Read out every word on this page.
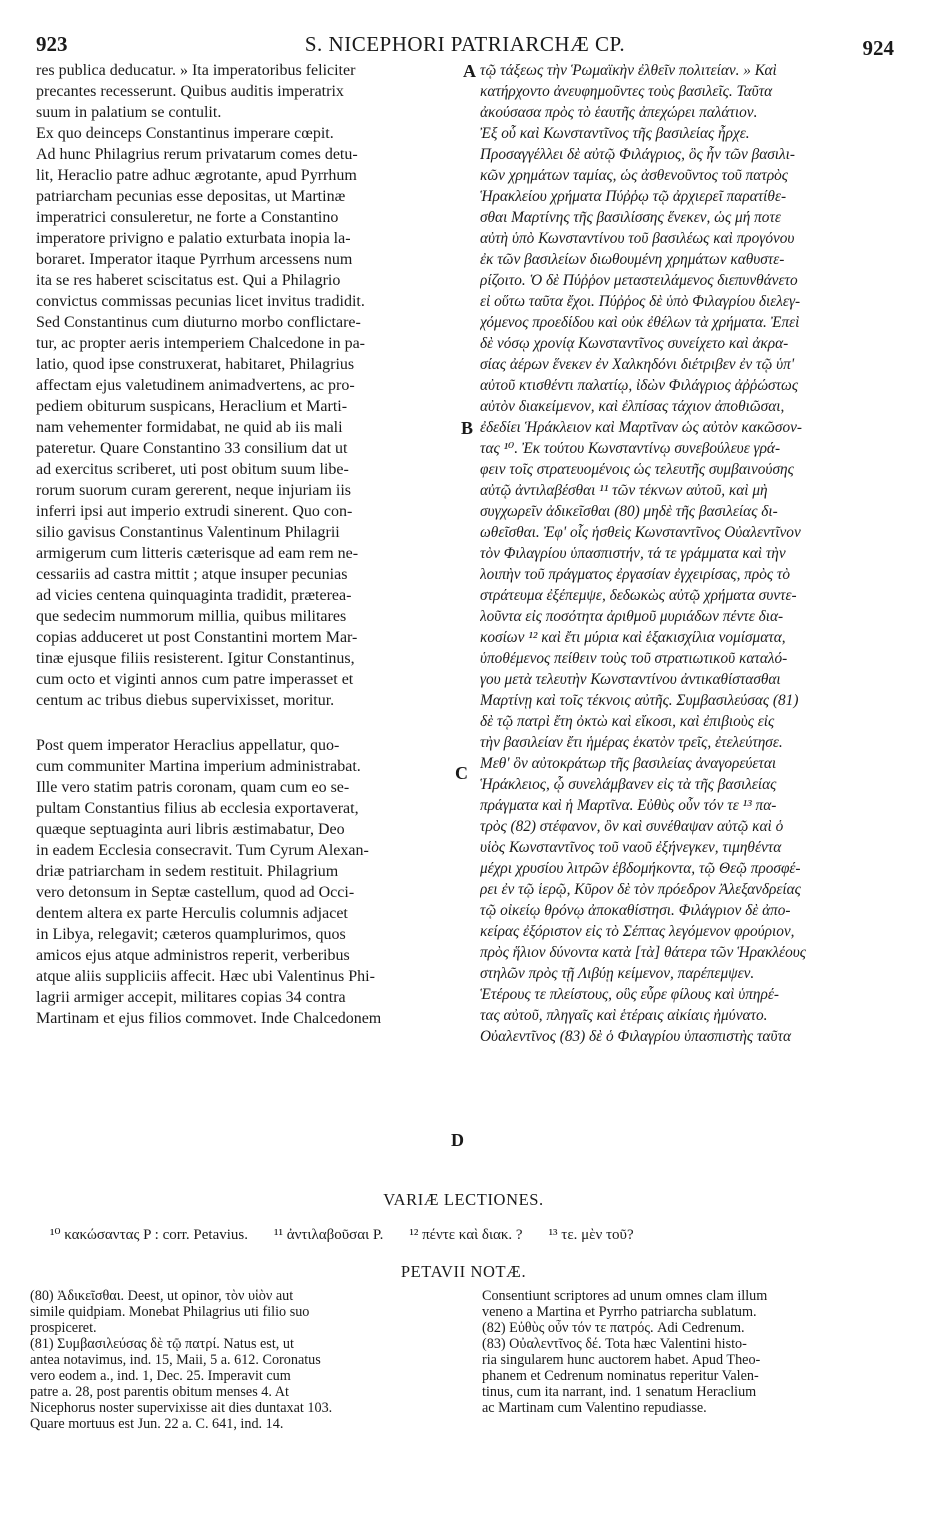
923	S. NICEPHORI PATRIARCHÆ CP.	924
res publica deducatur. » Ita imperatoribus feliciter
precantes recesserunt. Quibus auditis imperatrix
suum in palatium se contulit.
Ex quo deinceps Constantinus imperare cœpit.
Ad hunc Philagrius rerum privatarum comes detu-
lit, Heraclio patre adhuc ægrotante, apud Pyrrhum
patriarcham pecunias esse depositas, ut Martinæ
imperatrici consuleretur, ne forte a Constantino
imperatore privigno e palatio exturbata inopia la-
boraret. Imperator itaque Pyrrhum arcessens num
ita se res haberet sciscitatus est. Qui a Philagrio
convictus commissas pecunias licet invitus tradidit.
Sed Constantinus cum diuturno morbo conflictare-
tur, ac propter aeris intemperiem Chalcedone in pa-
latio, quod ipse construxerat, habitaret, Philagrius
affectam ejus valetudinem animadvertens, ac pro-
pediem obiturum suspicans, Heraclium et Marti-
nam vehementer formidabat, ne quid ab iis mali
pateretur. Quare Constantino 33 consilium dat ut
ad exercitus scriberet, uti post obitum suum libe-
rorum suorum curam gererent, neque injuriam iis
inferri ipsi aut imperio extrudi sinerent. Quo con-
silio gavisus Constantinus Valentinum Philagrii
armigerum cum litteris cæterisque ad eam rem ne-
cessariis ad castra mittit ; atque insuper pecunias
ad vicies centena quinquaginta tradidit, præterea-
que sedecim nummorum millia, quibus militares
copias adduceret ut post Constantini mortem Mar-
tinæ ejusque filiis resisterent. Igitur Constantinus,
cum octo et viginti annos cum patre imperasset et
centum ac tribus diebus supervixisset, moritur.
Post quem imperator Heraclius appellatur, quo-
cum communiter Martina imperium administrabat.
Ille vero statim patris coronam, quam cum eo se-
pultam Constantius filius ab ecclesia exportaverat,
quæque septuaginta auri libris æstimabatur, Deo
in eadem Ecclesia consecravit. Tum Cyrum Alexan-
driæ patriarcham in sedem restituit. Philagrium
vero detonsum in Septæ castellum, quod ad Occi-
dentem altera ex parte Herculis columnis adjacet
in Libya, relegavit; cæteros quamplurimos, quos
amicos ejus atque administros reperit, verberibus
atque aliis suppliciis affecit. Hæc ubi Valentinus Phi-
lagrii armiger accepit, militares copias 34 contra
Martinam et ejus filios commovet. Inde Chalcedonem
τῷ τάξεως τὴν Ῥωμαϊκὴν ἐλθεῖν πολιτείαν. » Καὶ
κατήρχοντο ἀνευφημοῦντες τοὺς βασιλεῖς. Ταῦτα
ἀκούσασα πρὸς τὸ ἑαυτῆς ἀπεχώρει παλάτιον.
Ἐξ οὗ καὶ Κωνσταντῖνος τῆς βασιλείας ἦρχε.
Προσαγγέλλει δὲ αὐτῷ Φιλάγριος, ὃς ἦν τῶν βασιλι-
κῶν χρημάτων ταμίας, ὡς ἀσθενοῦντος τοῦ πατρὸς
Ἡρακλείου χρήματα Πύῤῥῳ τῷ ἀρχιερεῖ παρατίθε-
σθαι Μαρτίνης τῆς βασιλίσσης ἕνεκεν, ὡς μή ποτε
αὐτὴ ὑπὸ Κωνσταντίνου τοῦ βασιλέως καὶ προγόνου
ἐκ τῶν βασιλείων διωθουμένη χρημάτων καθυστε-
ρίζοιτο. Ὁ δὲ Πύῤῥον μεταστειλάμενος διεπυνθάνετο
εἰ οὕτω ταῦτα ἔχοι. Πύῤῥος δὲ ὑπὸ Φιλαγρίου διελεγ-
χόμενος προεδίδου καὶ οὐκ ἐθέλων τὰ χρήματα. Ἐπεὶ
δὲ νόσῳ χρονίᾳ Κωνσταντῖνος συνείχετο καὶ ἀκρα-
σίας ἀέρων ἕνεκεν ἐν Χαλκηδόνι διέτριβεν ἐν τῷ ὑπ'
αὐτοῦ κτισθέντι παλατίῳ, ἰδὼν Φιλάγριος ἀῤῥώστως
αὐτὸν διακείμενον, καὶ ἐλπίσας τάχιον ἀποθιῶσαι,
ἐδεδίει Ἡράκλειον καὶ Μαρτῖναν ὡς αὐτὸν κακῶσον-
τας ¹⁰. Ἐκ τούτου Κωνσταντίνῳ συνεβούλευε γρά-
φειν τοῖς στρατευομένοις ὡς τελευτῆς συμβαινούσης
αὐτῷ ἀντιλαβέσθαι ¹¹ τῶν τέκνων αὐτοῦ, καὶ μὴ
συγχωρεῖν ἀδικεῖσθαι (80) μηδὲ τῆς βασιλείας δι-
ωθεῖσθαι. Ἐφ' οἷς ἡσθεὶς Κωνσταντῖνος Οὐαλεντῖνον
τὸν Φιλαγρίου ὑπασπιστήν, τά τε γράμματα καὶ τὴν
λοιπὴν τοῦ πράγματος ἐργασίαν ἐγχειρίσας, πρὸς τὸ
στράτευμα ἐξέπεμψε, δεδωκὼς αὐτῷ χρήματα συντε-
λοῦντα εἰς ποσότητα ἀριθμοῦ μυριάδων πέντε δια-
κοσίων ¹² καὶ ἔτι μύρια καὶ ἑξακισχίλια νομίσματα,
ὑποθέμενος πείθειν τοὺς τοῦ στρατιωτικοῦ καταλό-
γου μετὰ τελευτὴν Κωνσταντίνου ἀντικαθίστασθαι
Μαρτίνῃ καὶ τοῖς τέκνοις αὐτῆς. Συμβασιλεύσας (81)
δὲ τῷ πατρὶ ἔτη ὀκτὼ καὶ εἴκοσι, καὶ ἐπιβιοὺς εἰς
τὴν βασιλείαν ἔτι ἡμέρας ἑκατὸν τρεῖς, ἐτελεύτησε.
Μεθ' ὃν αὐτοκράτωρ τῆς βασιλείας ἀναγορεύεται
Ἡράκλειος, ᾧ συνελάμβανεν εἰς τὰ τῆς βασιλείας
πράγματα καὶ ἡ Μαρτῖνα. Εὐθὺς οὖν τόν τε ¹³ πα-
τρὸς (82) στέφανον, ὃν καὶ συνέθαψαν αὐτῷ καὶ ὁ
υἱὸς Κωνσταντῖνος τοῦ ναοῦ ἐξήνεγκεν, τιμηθέντα
μέχρι χρυσίου λιτρῶν ἑβδομήκοντα, τῷ Θεῷ προσφέ-
ρει ἐν τῷ ἱερῷ, Κῦρον δὲ τὸν πρόεδρον Ἀλεξανδρείας
τῷ οἰκείῳ θρόνῳ ἀποκαθίστησι. Φιλάγριον δὲ ἀπο-
κείρας ἐξόριστον εἰς τὸ Σέπτας λεγόμενον φρούριον,
πρὸς ἥλιον δύνοντα κατὰ [τὰ] θάτερα τῶν Ἡρακλέους
στηλῶν πρὸς τῇ Λιβύῃ κείμενον, παρέπεμψεν.
Ἑτέρους τε πλείστους, οὓς εὗρε φίλους καὶ ὑπηρέ-
τας αὐτοῦ, πληγαῖς καὶ ἑτέραις αἰκίαις ἠμύνατο.
Οὐαλεντῖνος (83) δὲ ὁ Φιλαγρίου ὑπασπιστὴς ταῦτα
A
B
C
D
VARIÆ LECTIONES.
¹⁰ κακώσαντας P : corr. Petavius. ¹¹ ἀντιλαβοῦσαι P. ¹² πέντε καὶ διακ. ? ¹³ τε. μὲν τοῦ?
PETAVII NOTÆ.
(80) Ἀδικεῖσθαι. Deest, ut opinor, τὸν υἱὸν aut
simile quidpiam. Monebat Philagrius uti filio suo
prospiceret.
(81) Συμβασιλεύσας δὲ τῷ πατρί. Natus est, ut
antea notavimus, ind. 15, Maii, 5 a. 612. Coronatus
vero eodem a., ind. 1, Dec. 25. Imperavit cum
patre a. 28, post parentis obitum menses 4. At
Nicephorus noster supervixisse ait dies duntaxat 103.
Quare mortuus est Jun. 22 a. C. 641, ind. 14.
Consentiunt scriptores ad unum omnes clam illum
veneno a Martina et Pyrrho patriarcha sublatum.
(82) Εὐθὺς οὖν τόν τε πατρός. Adi Cedrenum.
(83) Οὐαλεντῖνος δέ. Tota hæc Valentini histo-
ria singularem hunc auctorem habet. Apud Theo-
phanem et Cedrenum nominatus reperitur Valen-
tinus, cum ita narrant, ind. 1 senatum Heraclium
ac Martinam cum Valentino repudiasse.
